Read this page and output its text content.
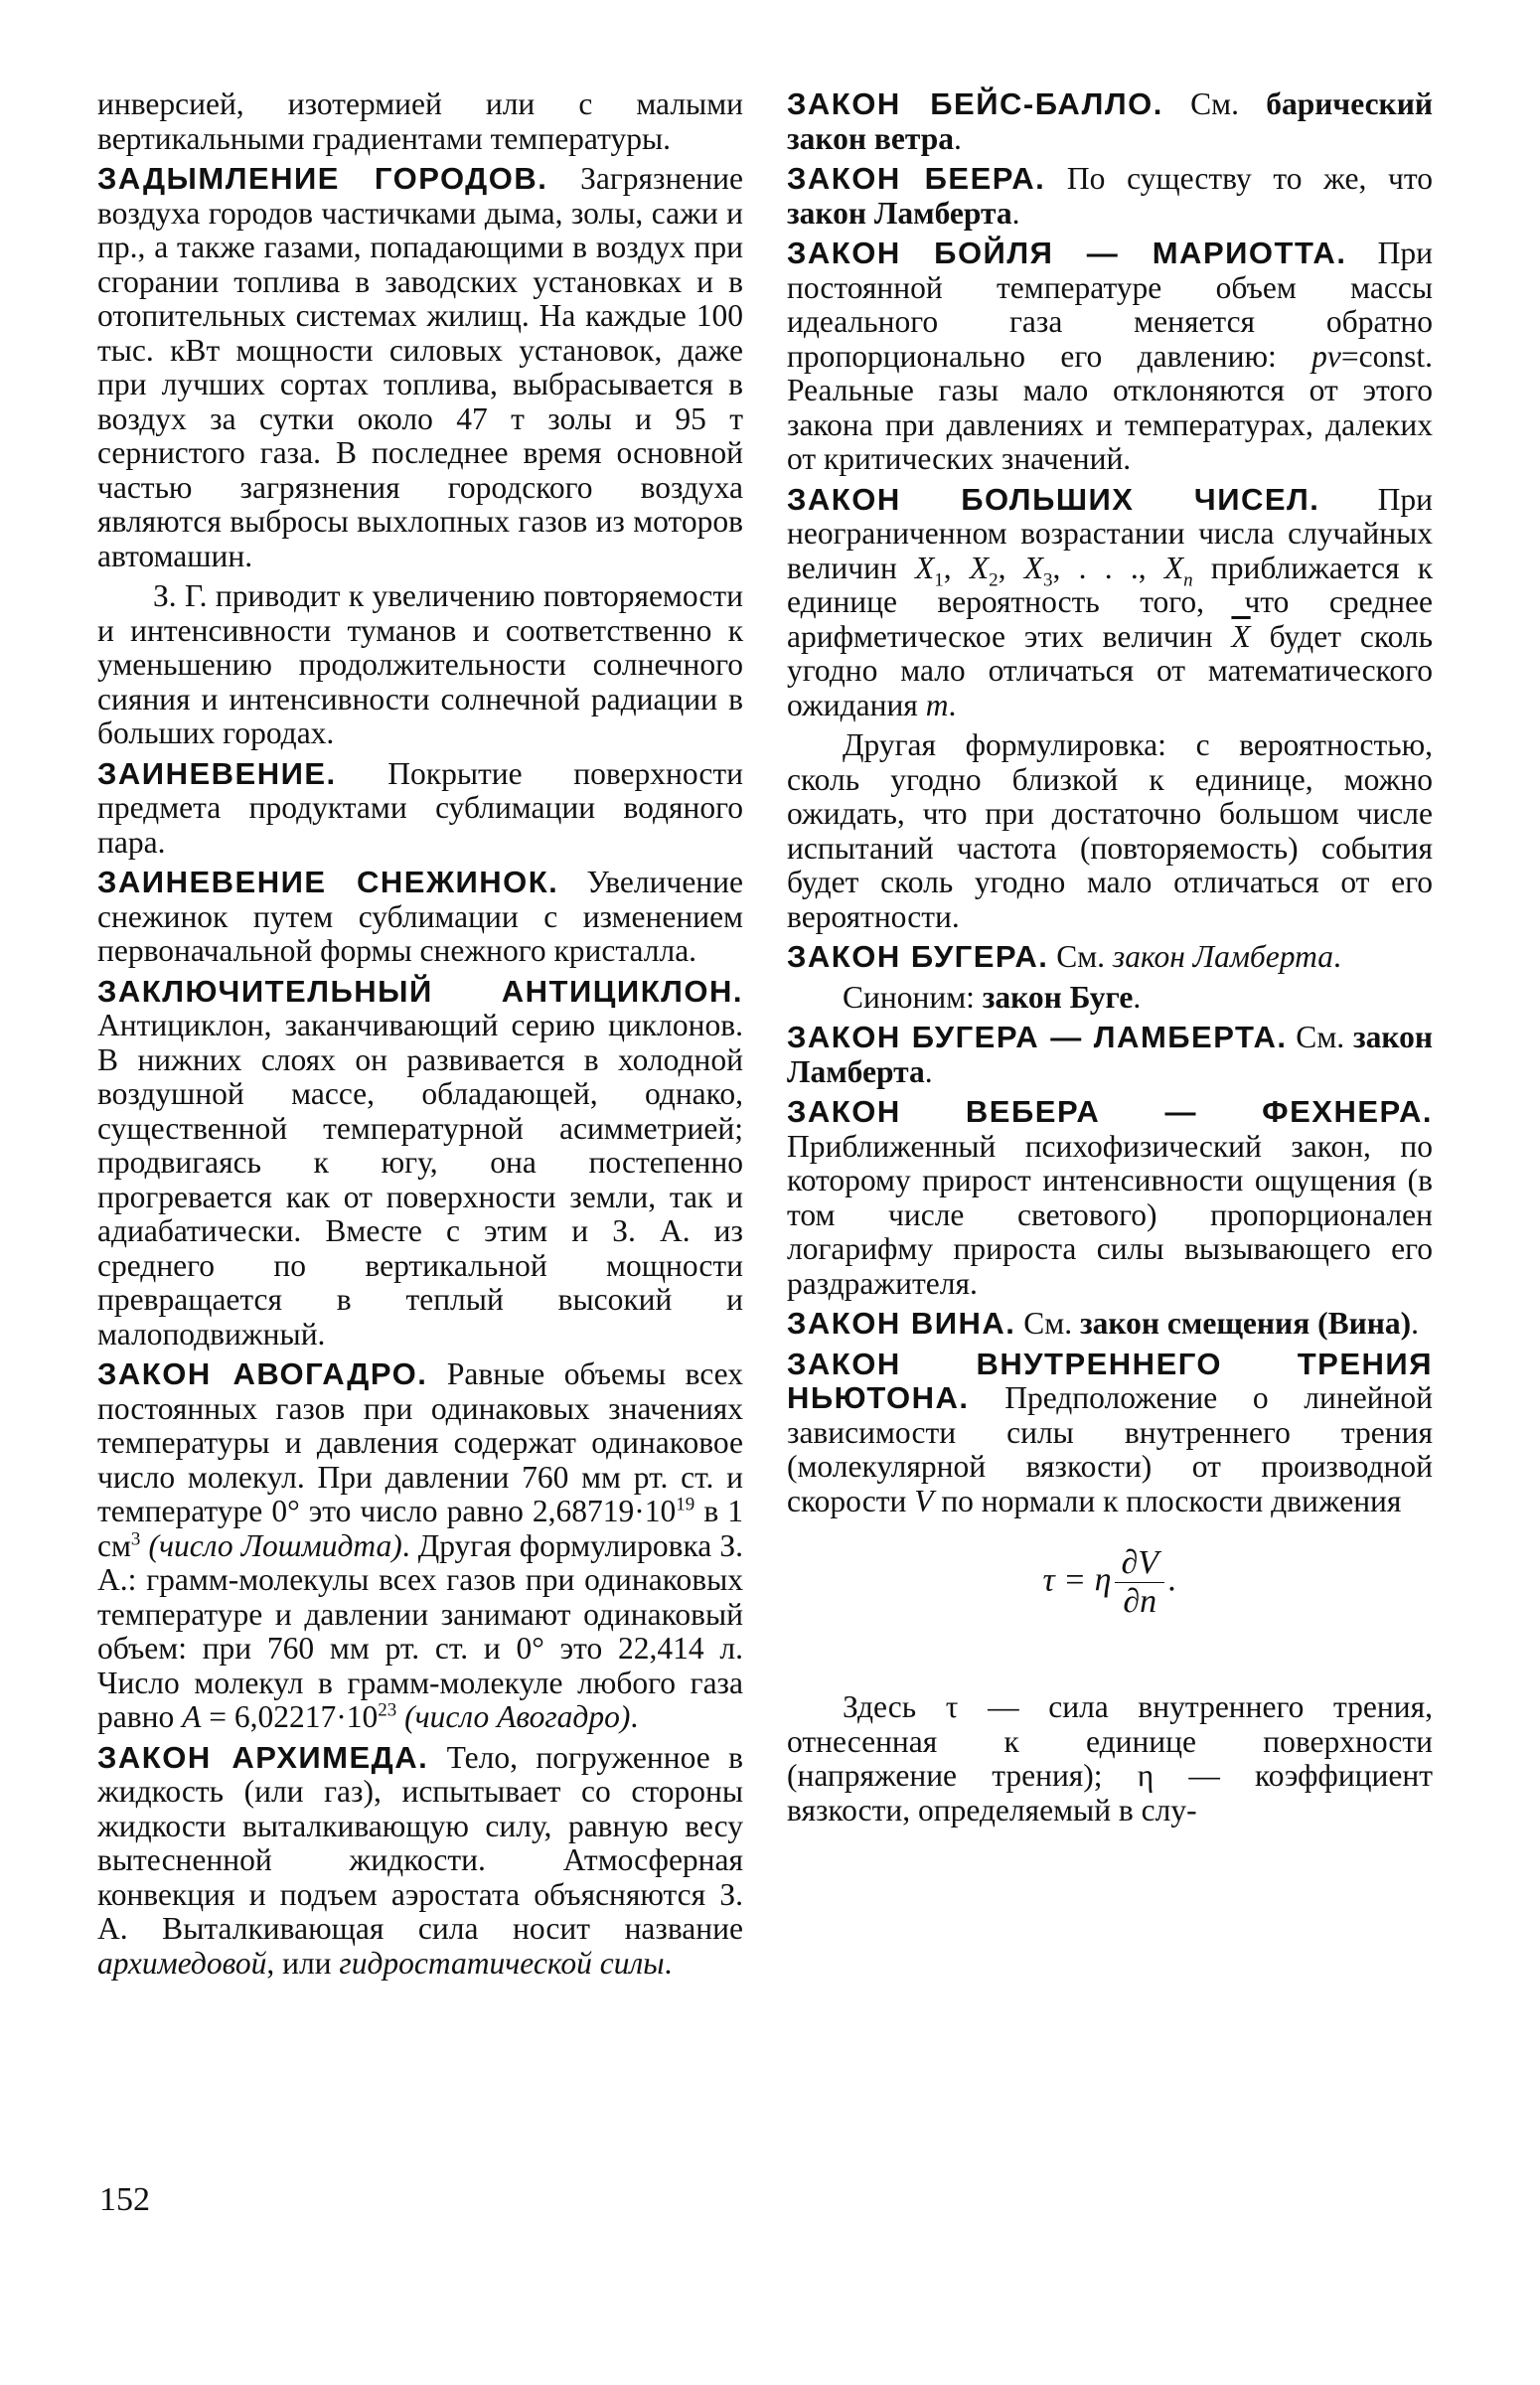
инверсией, изотермией или с малыми вертикальными градиентами температуры.

ЗАДЫМЛЕНИЕ ГОРОДОВ. Загрязнение воздуха городов частичками дыма, золы, сажи и пр., а также газами, попадающими в воздух при сгорании топлива в заводских установках и в отопительных системах жилищ. На каждые 100 тыс. кВт мощности силовых установок, даже при лучших сортах топлива, выбрасывается в воздух за сутки около 47 т золы и 95 т сернистого газа. В последнее время основной частью загрязнения городского воздуха являются выбросы выхлопных газов из моторов автомашин.

З. Г. приводит к увеличению повторяемости и интенсивности туманов и соответственно к уменьшению продолжительности солнечного сияния и интенсивности солнечной радиации в больших городах.

ЗАИНЕВЕНИЕ. Покрытие поверхности предмета продуктами сублимации водяного пара.

ЗАИНЕВЕНИЕ СНЕЖИНОК. Увеличение снежинок путем сублимации с изменением первоначальной формы снежного кристалла.

ЗАКЛЮЧИТЕЛЬНЫЙ АНТИЦИКЛОН. Антициклон, заканчивающий серию циклонов. В нижних слоях он развивается в холодной воздушной массе, обладающей, однако, существенной температурной асимметрией; продвигаясь к югу, она постепенно прогревается как от поверхности земли, так и адиабатически. Вместе с этим и З. А. из среднего по вертикальной мощности превращается в теплый высокий и малоподвижный.

ЗАКОН АВОГАДРО. Равные объемы всех постоянных газов при одинаковых значениях температуры и давления содержат одинаковое число молекул. При давлении 760 мм рт. ст. и температуре 0° это число равно $2,68719\cdot 10^{19}$ в 1 $см^3$ (число Лошмидта). Другая формулировка З. А.: грамм-молекулы всех газов при одинаковых температуре и давлении занимают одинаковый объем: при 760 мм рт. ст. и 0° это 22,414 л. Число молекул в грамм-молекуле любого газа равно $A = 6,02217\cdot 10^{23}$ (число Авогадро).

ЗАКОН АРХИМЕДА. Тело, погруженное в жидкость (или газ), испытывает со стороны жидкости выталкивающую силу, равную весу вытесненной жидкости. Атмосферная конвекция и подъем аэростата объясняются З. А. Выталкивающая сила носит название архимедовой, или гидростатической силы.

ЗАКОН БЕЙС-БАЛЛО. См. барический закон ветра.

ЗАКОН БЕЕРА. По существу то же, что закон Ламберта.

ЗАКОН БОЙЛЯ — МАРИОТТА. При постоянной температуре объем массы идеального газа меняется обратно пропорционально его давлению: pv=const. Реальные газы мало отклоняются от этого закона при давлениях и температурах, далеких от критических значений.

ЗАКОН БОЛЬШИХ ЧИСЕЛ. При неограниченном возрастании числа случайных величин $X_1$, $X_2$, $X_3$, . . ., $X_n$ приближается к единице вероятность того, что среднее арифметическое этих величин $\overline{X}$ будет сколь угодно мало отличаться от математического ожидания m.

Другая формулировка: с вероятностью, сколь угодно близкой к единице, можно ожидать, что при достаточно большом числе испытаний частота (повторяемость) события будет сколь угодно мало отличаться от его вероятности.

ЗАКОН БУГЕРА. См. закон Ламберта.

Синоним: закон Буге.

ЗАКОН БУГЕРА — ЛАМБЕРТА. См. закон Ламберта.

ЗАКОН ВЕБЕРА — ФЕХНЕРА. Приближенный психофизический закон, по которому прирост интенсивности ощущения (в том числе светового) пропорционален логарифму прироста силы вызывающего его раздражителя.

ЗАКОН ВИНА. См. закон смещения (Вина).

ЗАКОН ВНУТРЕННЕГО ТРЕНИЯ НЬЮТОНА. Предположение о линейной зависимости силы внутреннего трения (молекулярной вязкости) от производной скорости V по нормали к плоскости движения

τ = η $\frac{\partial V}{\partial n}$ .

Здесь τ — сила внутреннего трения, отнесенная к единице поверхности (напряжение трения); η — коэффициент вязкости, определяемый в слу-

152
